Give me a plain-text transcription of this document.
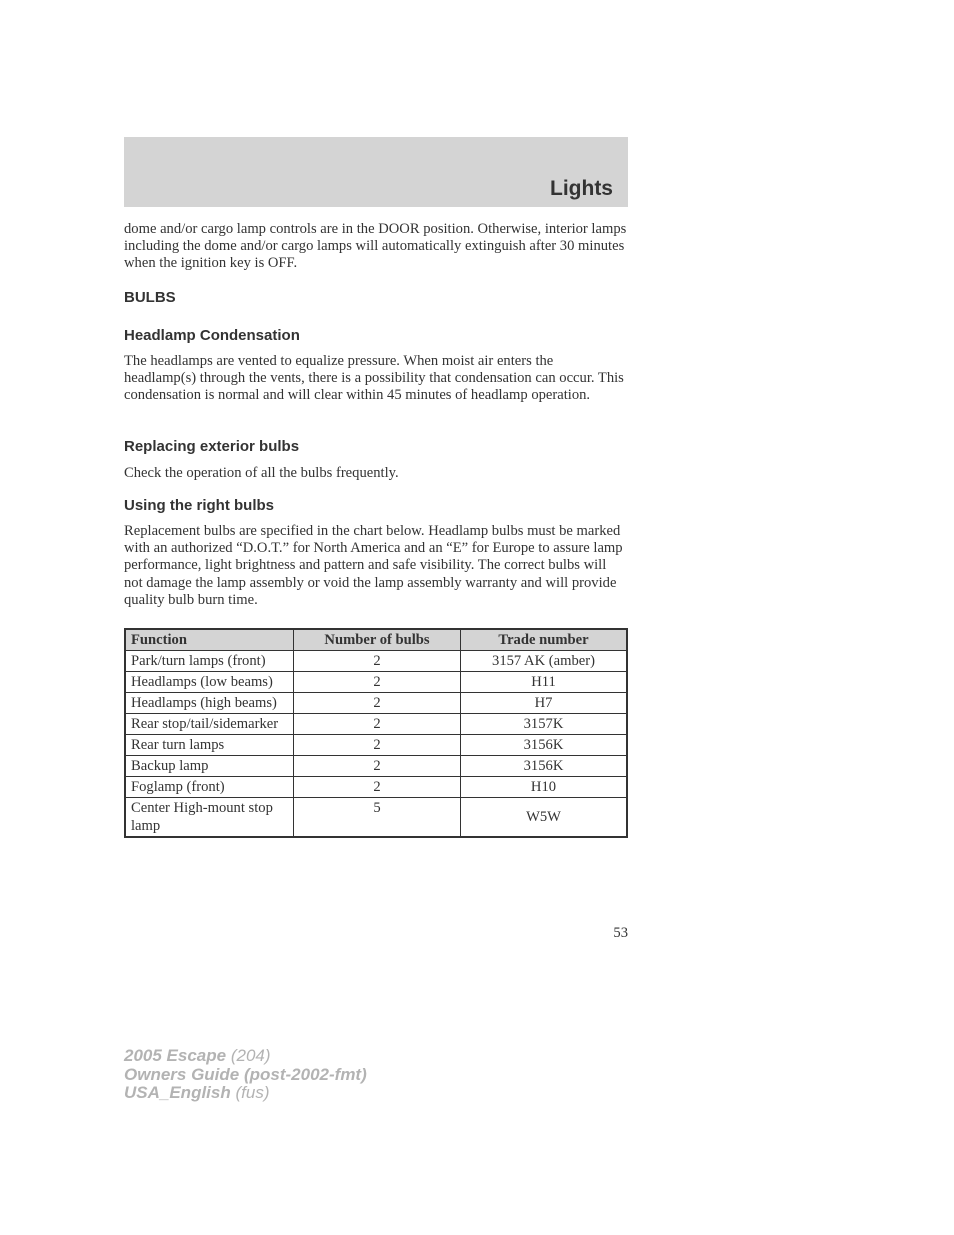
Lights

dome and/or cargo lamp controls are in the DOOR position. Otherwise, interior lamps including the dome and/or cargo lamps will automatically extinguish after 30 minutes when the ignition key is OFF.

BULBS
Headlamp Condensation

The headlamps are vented to equalize pressure. When moist air enters the headlamp(s) through the vents, there is a possibility that condensation can occur. This condensation is normal and will clear within 45 minutes of headlamp operation.

Replacing exterior bulbs

Check the operation of all the bulbs frequently.

Using the right bulbs

Replacement bulbs are specified in the chart below. Headlamp bulbs must be marked with an authorized “D.O.T.” for North America and an “E” for Europe to assure lamp performance, light brightness and pattern and safe visibility. The correct bulbs will not damage the lamp assembly or void the lamp assembly warranty and will provide quality bulb burn time.

Function	Number of bulbs	Trade number
Park/turn lamps (front)	2	3157 AK (amber)
Headlamps (low beams)	2	H11
Headlamps (high beams)	2	H7
Rear stop/tail/sidemarker	2	3157K
Rear turn lamps	2	3156K
Backup lamp	2	3156K
Foglamp (front)	2	H10
Center High-mount stop lamp	5	W5W
53
2005 Escape (204)
Owners Guide (post-2002-fmt)
USA_English (fus)
